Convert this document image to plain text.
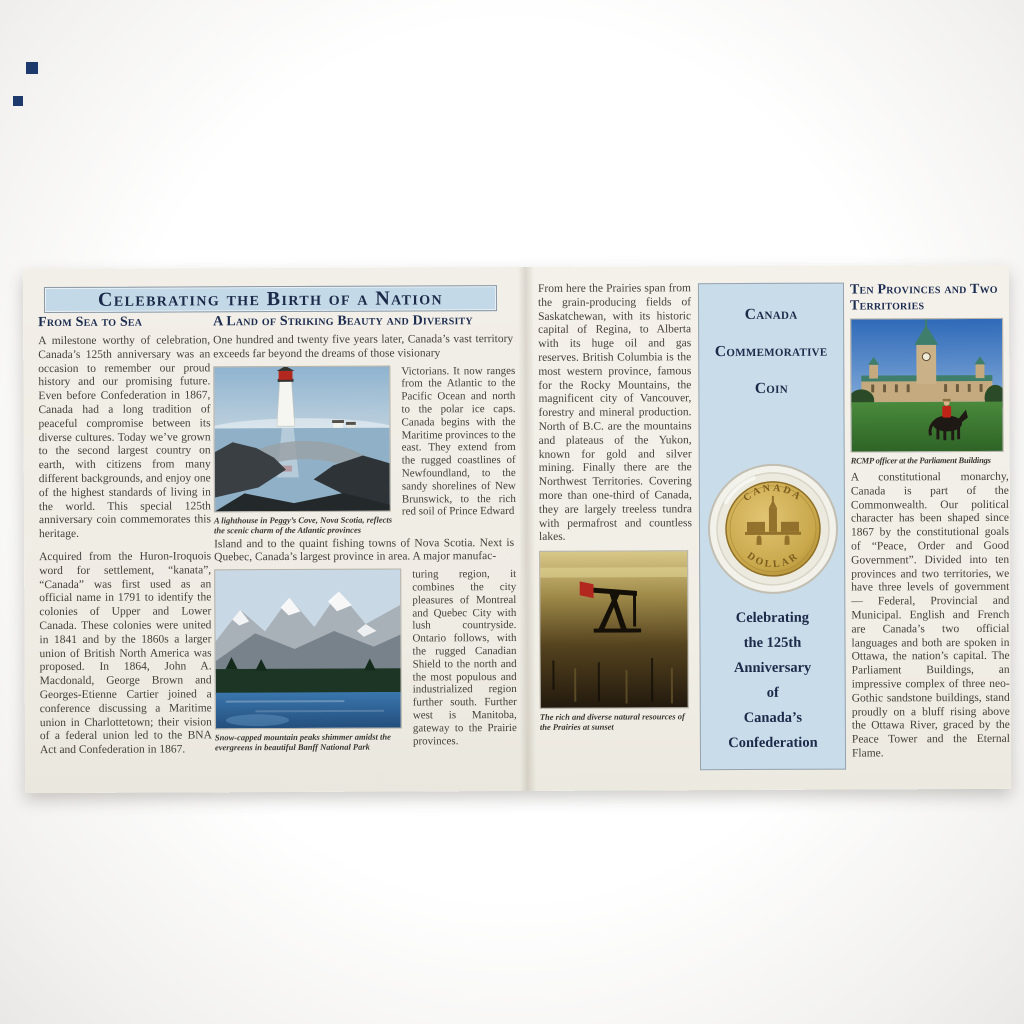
Celebrating the Birth of a Nation
From Sea to Sea
A milestone worthy of celebration, Canada’s 125th anniversary was an occasion to remember our proud history and our promising future. Even before Confederation in 1867, Canada had a long tradition of peaceful compromise between its diverse cultures. Today we’ve grown to the second largest country on earth, with citizens from many different backgrounds, and enjoy one of the highest standards of living in the world. This special 125th anniversary coin commemorates this heritage.
Acquired from the Huron-Iroquois word for settlement, “kanata”, “Canada” was first used as an official name in 1791 to identify the colonies of Upper and Lower Canada. These colonies were united in 1841 and by the 1860s a larger union of British North America was proposed. In 1864, John A. Macdonald, George Brown and Georges-Etienne Cartier joined a conference discussing a Maritime union in Charlottetown; their vision of a federal union led to the BNA Act and Confederation in 1867.
A Land of Striking Beauty and Diversity
One hundred and twenty five years later, Canada’s vast territory exceeds far beyond the dreams of those visionary
A lighthouse in Peggy’s Cove, Nova Scotia, reflects the scenic charm of the Atlantic provinces
Victorians. It now ranges from the Atlantic to the Pacific Ocean and north to the polar ice caps. Canada begins with the Maritime provinces to the east. They extend from the rugged coastlines of Newfoundland, to the sandy shorelines of New Brunswick, to the rich red soil of Prince Edward
Island and to the quaint fishing towns of Nova Scotia. Next is Quebec, Canada’s largest province in area. A major manufac-
Snow-capped mountain peaks shimmer amidst the evergreens in beautiful Banff National Park
turing region, it combines the city pleasures of Montreal and Quebec City with lush countryside. Ontario follows, with the rugged Canadian Shield to the north and the most populous and industrialized region further south. Further west is Manitoba, gateway to the Prairie provinces.
From here the Prairies span from the grain-producing fields of Saskatchewan, with its historic capital of Regina, to Alberta with its huge oil and gas reserves. British Columbia is the most western province, famous for the Rocky Mountains, the magnificent city of Vancouver, forestry and mineral production. North of B.C. are the mountains and plateaus of the Yukon, known for gold and silver mining. Finally there are the Northwest Territories. Covering more than one-third of Canada, they are largely treeless tundra with permafrost and countless lakes.
The rich and diverse natural resources of the Prairies at sunset
Canada
Commemorative
Coin
CANADA
DOLLAR
Celebrating
the 125th
Anniversary
of
Canada’s
Confederation
Ten Provinces and Two Territories
RCMP officer at the Parliament Buildings
A constitutional monarchy, Canada is part of the Commonwealth. Our political character has been shaped since 1867 by the constitutional goals of “Peace, Order and Good Government”. Divided into ten provinces and two territories, we have three levels of government — Federal, Provincial and Municipal. English and French are Canada’s two official languages and both are spoken in Ottawa, the nation’s capital. The Parliament Buildings, an impressive complex of three neo-Gothic sandstone buildings, stand proudly on a bluff rising above the Ottawa River, graced by the Peace Tower and the Eternal Flame.
